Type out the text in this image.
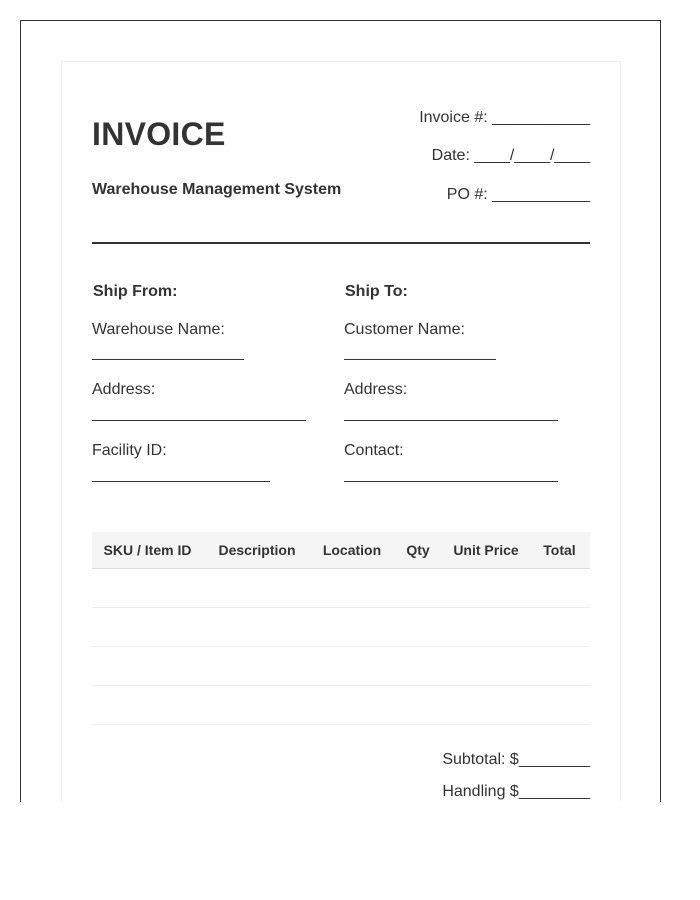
INVOICE
Warehouse Management System
Invoice #: ___________
Date: ____/____/____
PO #: ___________
Ship From:
Warehouse Name:
Address:
Facility ID:
Ship To:
Customer Name:
Address:
Contact:
SKU / Item ID	Description	Location	Qty	Unit Price	Total

Subtotal: $________
Handling $________
